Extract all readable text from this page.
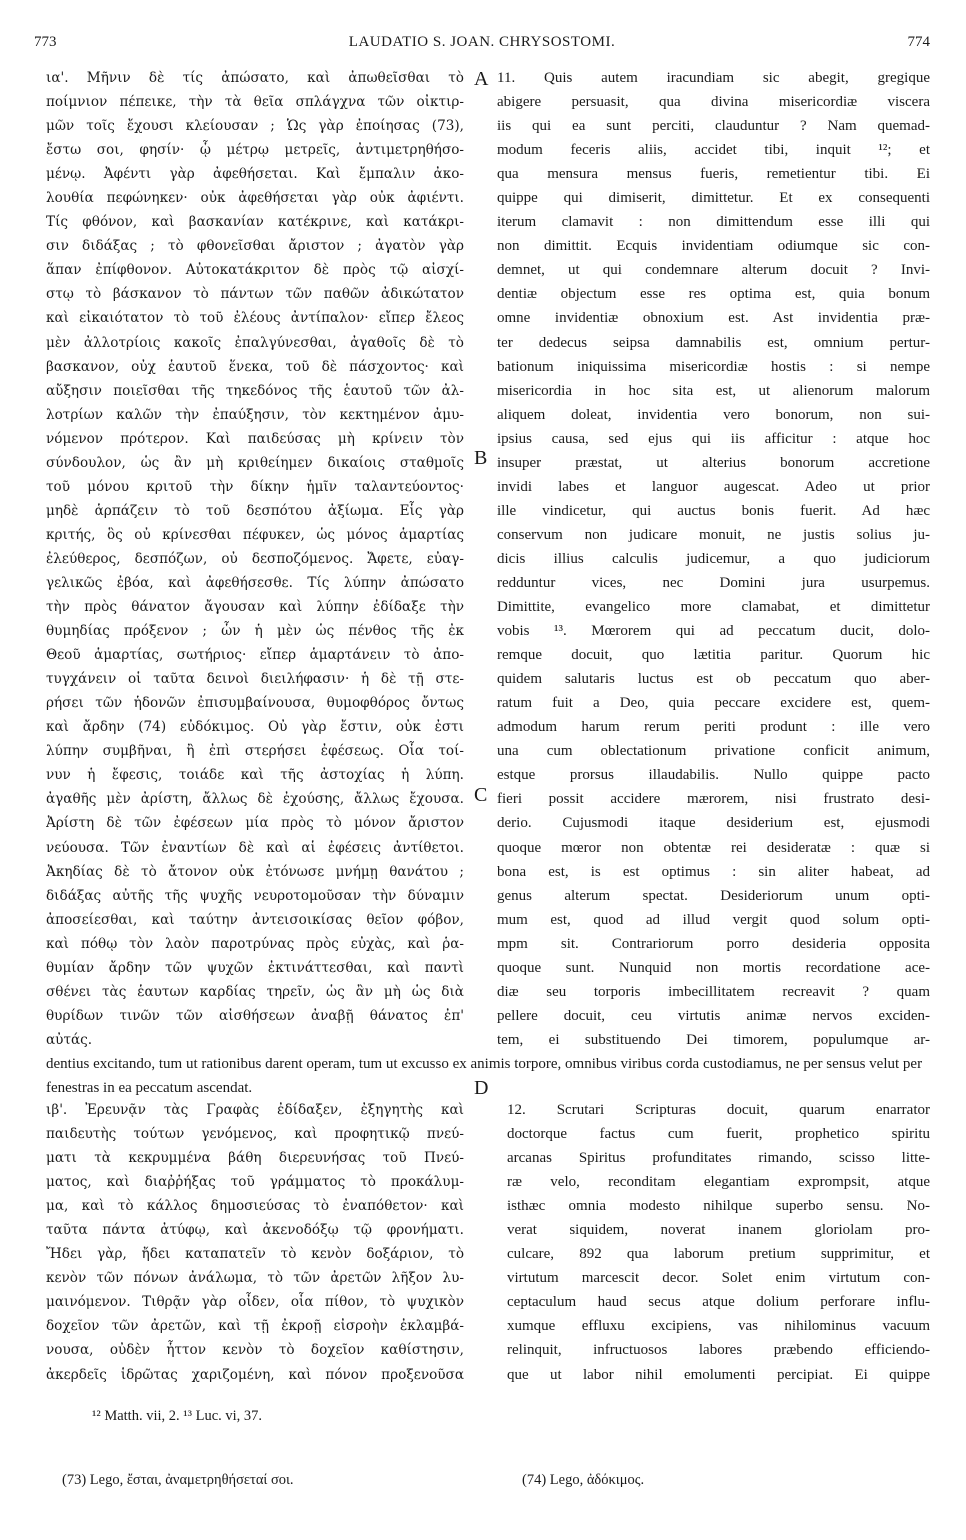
773	LAUDATIO S. JOAN. CHRYSOSTOMI.	774
A
B
C
D
ια'. Μῆνιν δὲ τίς ἀπώσατο, καὶ ἀπωθεῖσθαι τὸ
ποίμνιον πέπεικε, τὴν τὰ θεῖα σπλάγχνα τῶν οἰκτιρ-
μῶν τοῖς ἔχουσι κλείουσαν ; Ὡς γὰρ ἐποίησας (73),
ἔστω σοι, φησίν· ᾧ μέτρῳ μετρεῖς, ἀντιμετρηθήσο-
μένῳ. Ἀφέντι γὰρ ἀφεθήσεται. Καὶ ἔμπαλιν ἀκο-
λουθία πεφώνηκεν· οὐκ ἀφεθήσεται γὰρ οὐκ ἀφιέντι.
Τίς φθόνον, καὶ βασκανίαν κατέκρινε, καὶ κατάκρι-
σιν διδάξας ; τὸ φθονεῖσθαι ἄριστον ; ἀγατὸν γὰρ
ἅπαν ἐπίφθονον. Αὐτοκατάκριτον δὲ πρὸς τῷ αἰσχί-
στῳ τὸ βάσκανον τὸ πάντων τῶν παθῶν ἀδικώτατον
καὶ εἰκαιότατον τὸ τοῦ ἐλέους ἀντίπαλον· εἴπερ ἔλεος
μὲν ἀλλοτρίοις κακοῖς ἐπαλγύνεσθαι, ἀγαθοῖς δὲ τὸ
βασκανον, οὐχ ἑαυτοῦ ἕνεκα, τοῦ δὲ πάσχοντος· καὶ
αὔξησιν ποιεῖσθαι τῆς τηκεδόνος τῆς ἑαυτοῦ τῶν ἀλ-
λοτρίων καλῶν τὴν ἐπαύξησιν, τὸν κεκτημένον ἀμυ-
νόμενον πρότερον. Καὶ παιδεύσας μὴ κρίνειν τὸν
σύνδουλον, ὡς ἂν μὴ κριθείημεν δικαίοις σταθμοῖς
τοῦ μόνου κριτοῦ τὴν δίκην ἡμῖν ταλαντεύοντος·
μηδὲ ἁρπάζειν τὸ τοῦ δεσπότου ἀξίωμα. Εἷς γὰρ
κριτής, ὃς οὐ κρίνεσθαι πέφυκεν, ὡς μόνος ἁμαρτίας
ἐλεύθερος, δεσπόζων, οὐ δεσποζόμενος. Ἄφετε, εὐαγ-
γελικῶς ἐβόα, καὶ ἀφεθήσεσθε. Τίς λύπην ἀπώσατο
τὴν πρὸς θάνατον ἄγουσαν καὶ λύπην ἐδίδαξε τὴν
θυμηδίας πρόξενον ; ὧν ἡ μὲν ὡς πένθος τῆς ἐκ
Θεοῦ ἁμαρτίας, σωτήριος· εἴπερ ἁμαρτάνειν τὸ ἀπο-
τυγχάνειν οἱ ταῦτα δεινοὶ διειλήφασιν· ἡ δὲ τῇ στε-
ρήσει τῶν ἡδονῶν ἐπισυμβαίνουσα, θυμοφθόρος ὄντως
καὶ ἄρδην (74) εὐδόκιμος. Οὐ γὰρ ἔστιν, οὐκ ἐστι
λύπην συμβῆναι, ἢ ἐπὶ στερήσει ἐφέσεως. Οἷα τοί-
νυν ἡ ἔφεσις, τοιάδε καὶ τῆς ἀστοχίας ἡ λύπη.
ἀγαθῆς μὲν ἀρίστη, ἄλλως δὲ ἐχούσης, ἄλλως ἔχουσα.
Ἀρίστη δὲ τῶν ἐφέσεων μία πρὸς τὸ μόνον ἄριστον
νεύουσα. Τῶν ἐναντίων δὲ καὶ αἱ ἐφέσεις ἀντίθετοι.
Ἀκηδίας δὲ τὸ ἄτονον οὐκ ἐτόνωσε μνήμῃ θανάτου ;
διδάξας αὐτῆς τῆς ψυχῆς νευροτομοῦσαν τὴν δύναμιν
ἀποσείεσθαι, καὶ ταύτην ἀντεισοικίσας θεῖον φόβον,
καὶ πόθῳ τὸν λαὸν παροτρύνας πρὸς εὐχὰς, καὶ ῥα-
θυμίαν ἄρδην τῶν ψυχῶν ἐκτινάττεσθαι, καὶ παντὶ
σθένει τὰς ἑαυτων καρδίας τηρεῖν, ὡς ἂν μὴ ὡς διὰ
θυρίδων τινῶν τῶν αἰσθήσεων ἀναβῇ θάνατος ἐπ'
αὐτάς.
11. Quis autem iracundiam sic abegit, gregique
abigere persuasit, qua divina misericordiæ viscera
iis qui ea sunt perciti, clauduntur ? Nam quemad-
modum feceris aliis, accidet tibi, inquit ¹²; et
qua mensura mensus fueris, remetientur tibi. Ei
quippe qui dimiserit, dimittetur. Et ex consequenti
iterum clamavit : non dimittendum esse illi qui
non dimittit. Ecquis invidentiam odiumque sic con-
demnet, ut qui condemnare alterum docuit ? Invi-
dentiæ objectum esse res optima est, quia bonum
omne invidentiæ obnoxium est. Ast invidentia præ-
ter dedecus seipsa damnabilis est, omnium pertur-
bationum iniquissima misericordiæ hostis : si nempe
misericordia in hoc sita est, ut alienorum malorum
aliquem doleat, invidentia vero bonorum, non sui-
ipsius causa, sed ejus qui iis afficitur : atque hoc
insuper præstat, ut alterius bonorum accretione
invidi labes et languor augescat. Adeo ut prior
ille vindicetur, qui auctus bonis fuerit. Ad hæc
conservum non judicare monuit, ne justis solius ju-
dicis illius calculis judicemur, a quo judiciorum
redduntur vices, nec Domini jura usurpemus.
Dimittite, evangelico more clamabat, et dimittetur
vobis ¹³. Mœrorem qui ad peccatum ducit, dolo-
remque docuit, quo lætitia paritur. Quorum hic
quidem salutaris luctus est ob peccatum quo aber-
ratum fuit a Deo, quia peccare excidere est, quem-
admodum harum rerum periti produnt : ille vero
una cum oblectationum privatione conficit animum,
estque prorsus illaudabilis. Nullo quippe pacto
fieri possit accidere mærorem, nisi frustrato desi-
derio. Cujusmodi itaque desiderium est, ejusmodi
quoque mœror non obtentæ rei desideratæ : quæ si
bona est, is est optimus : sin aliter habeat, ad
genus alterum spectat. Desideriorum unum opti-
mum est, quod ad illud vergit quod solum opti-
mpm sit. Contrariorum porro desideria opposita
quoque sunt. Nunquid non mortis recordatione ace-
diæ seu torporis imbecillitatem recreavit ? quam
pellere docuit, ceu virtutis animæ nervos exciden-
tem, ei substituendo Dei timorem, populumque ar-
dentius excitando, tum ut rationibus darent operam, tum ut excusso ex animis torpore, omnibus viribus corda custodiamus, ne per sensus velut per fenestras in ea peccatum ascendat.
ιβ'. Ἐρευνᾷν τὰς Γραφὰς ἐδίδαξεν, ἐξηγητὴς καὶ
παιδευτὴς τούτων γενόμενος, καὶ προφητικῷ πνεύ-
ματι τὰ κεκρυμμένα βάθη διερευνήσας τοῦ Πνεύ-
ματος, καὶ διαῤῥήξας τοῦ γράμματος τὸ προκάλυμ-
μα, καὶ τὸ κάλλος δημοσιεύσας τὸ ἐναπόθετον· καὶ
ταῦτα πάντα ἀτύφῳ, καὶ ἀκενοδόξῳ τῷ φρονήματι.
Ἤδει γὰρ, ἤδει καταπατεῖν τὸ κενὸν δοξάριον, τὸ
κενὸν τῶν πόνων ἀνάλωμα, τὸ τῶν ἀρετῶν λῆξον λυ-
μαινόμενον. Τιθρᾷν γὰρ οἶδεν, οἷα πίθον, τὸ ψυχικὸν
δοχεῖον τῶν ἀρετῶν, καὶ τῇ ἐκροῇ εἰσροὴν ἐκλαμβά-
νουσα, οὐδὲν ἧττον κενὸν τὸ δοχεῖον καθίστησιν,
ἀκερδεῖς ἱδρῶτας χαριζομένη, καὶ πόνον προξενοῦσα
12. Scrutari Scripturas docuit, quarum enarrator
doctorque factus cum fuerit, prophetico spiritu
arcanas Spiritus profunditates rimando, scisso litte-
ræ velo, reconditam elegantiam exprompsit, atque
isthæc omnia modesto nihilque superbo sensu. No-
verat siquidem, noverat inanem gloriolam pro-
culcare, 892 qua laborum pretium supprimitur, et
virtutum marcescit decor. Solet enim virtutum con-
ceptaculum haud secus atque dolium perforare influ-
xumque effluxu excipiens, vas nihilominus vacuum
relinquit, infructuosos labores præbendo efficiendo-
que ut labor nihil emolumenti percipiat. Ei quippe
¹² Matth. vii, 2. ¹³ Luc. vi, 37.
(73) Lego, ἔσται, ἀναμετρηθήσεταί σοι.	(74) Lego, ἀδόκιμος.
